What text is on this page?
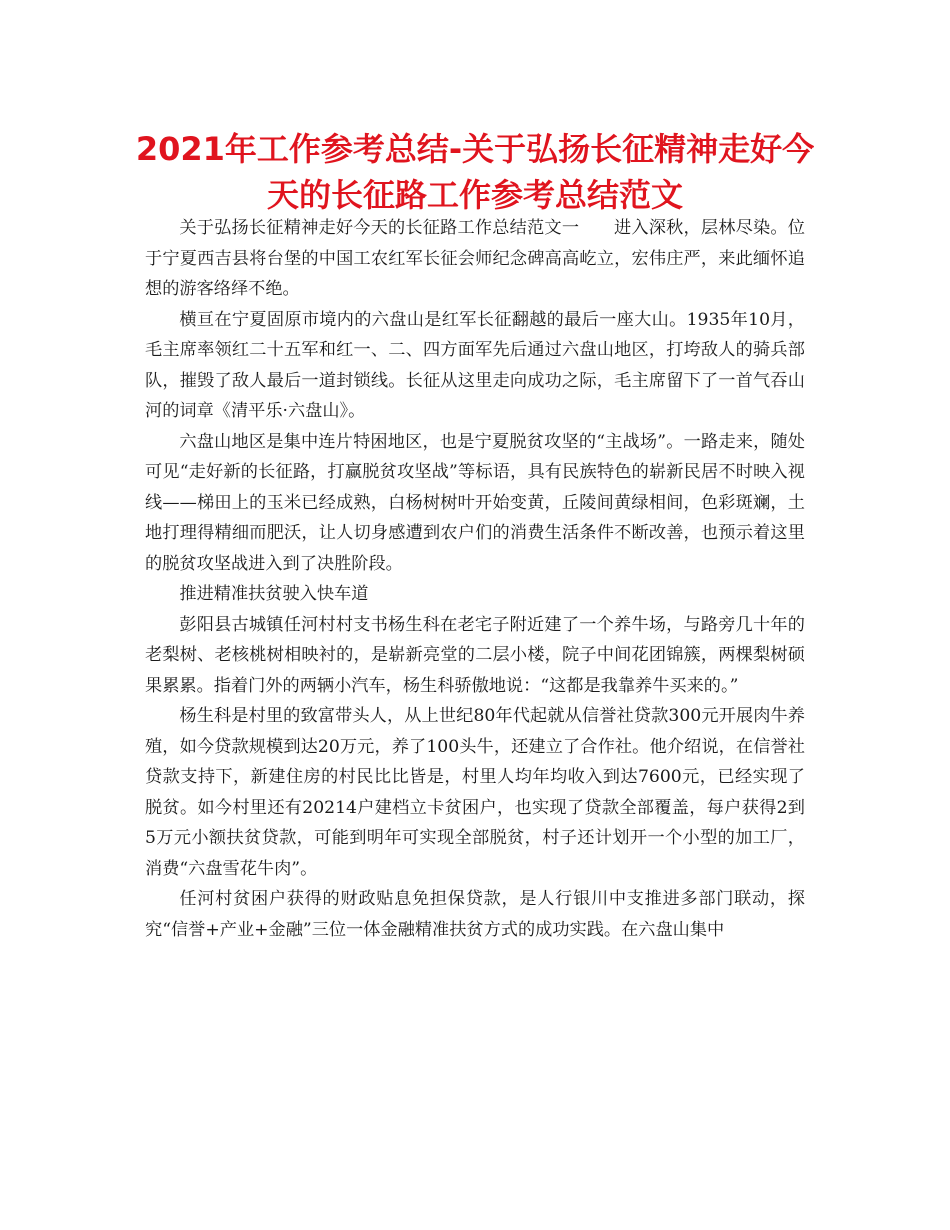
2021年工作参考总结-关于弘扬长征精神走好今天的长征路工作参考总结范文

关于弘扬长征精神走好今天的长征路工作总结范文一　　进入深秋，层林尽染。位于宁夏西吉县将台堡的中国工农红军长征会师纪念碑高高屹立，宏伟庄严，来此缅怀追想的游客络绎不绝。

横亘在宁夏固原市境内的六盘山是红军长征翻越的最后一座大山。1935年10月，毛主席率领红二十五军和红一、二、四方面军先后通过六盘山地区，打垮敌人的骑兵部队，摧毁了敌人最后一道封锁线。长征从这里走向成功之际，毛主席留下了一首气吞山河的词章《清平乐·六盘山》。

六盘山地区是集中连片特困地区，也是宁夏脱贫攻坚的“主战场”。一路走来，随处可见“走好新的长征路，打赢脱贫攻坚战”等标语，具有民族特色的崭新民居不时映入视线——梯田上的玉米已经成熟，白杨树树叶开始变黄，丘陵间黄绿相间，色彩斑斓，土地打理得精细而肥沃，让人切身感遭到农户们的消费生活条件不断改善，也预示着这里的脱贫攻坚战进入到了决胜阶段。

推进精准扶贫驶入快车道

彭阳县古城镇任河村村支书杨生科在老宅子附近建了一个养牛场，与路旁几十年的老梨树、老核桃树相映衬的，是崭新亮堂的二层小楼，院子中间花团锦簇，两棵梨树硕果累累。指着门外的两辆小汽车，杨生科骄傲地说：“这都是我靠养牛买来的。”

杨生科是村里的致富带头人，从上世纪80年代起就从信誉社贷款300元开展肉牛养殖，如今贷款规模到达20万元，养了100头牛，还建立了合作社。他介绍说，在信誉社贷款支持下，新建住房的村民比比皆是，村里人均年均收入到达7600元，已经实现了脱贫。如今村里还有20214户建档立卡贫困户，也实现了贷款全部覆盖，每户获得2到5万元小额扶贫贷款，可能到明年可实现全部脱贫，村子还计划开一个小型的加工厂，消费“六盘雪花牛肉”。

任河村贫困户获得的财政贴息免担保贷款，是人行银川中支推进多部门联动，探究“信誉+产业+金融”三位一体金融精准扶贫方式的成功实践。在六盘山集中
